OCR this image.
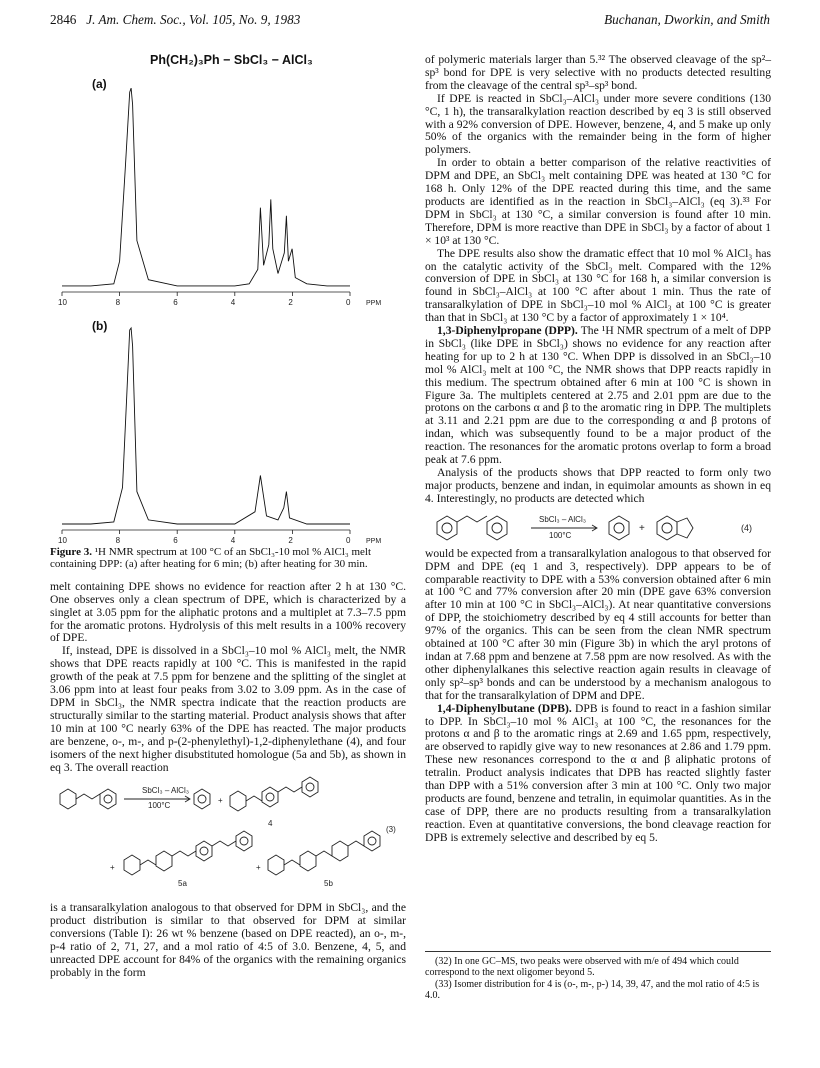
2846 J. Am. Chem. Soc., Vol. 105, No. 9, 1983	Buchanan, Dworkin, and Smith
Ph(CH₂)₃Ph − SbCl₃ − AlCl₃
(a)
(b)
10	8	6	4	2	0 PPM
10	8	6	4	2	0 PPM
Figure 3. ¹H NMR spectrum at 100 °C of an SbCl₃-10 mol % AlCl₃ melt containing DPP: (a) after heating for 6 min; (b) after heating for 30 min.

melt containing DPE shows no evidence for reaction after 2 h at 130 °C. One observes only a clean spectrum of DPE, which is characterized by a singlet at 3.05 ppm for the aliphatic protons and a multiplet at 7.3–7.5 ppm for the aromatic protons. Hydrolysis of this melt results in a 100% recovery of DPE.

If, instead, DPE is dissolved in a SbCl₃–10 mol % AlCl₃ melt, the NMR shows that DPE reacts rapidly at 100 °C. This is manifested in the rapid growth of the peak at 7.5 ppm for benzene and the splitting of the singlet at 3.06 ppm into at least four peaks from 3.02 to 3.09 ppm. As in the case of DPM in SbCl₃, the NMR spectra indicate that the reaction products are structurally similar to the starting material. Product analysis shows that after 10 min at 100 °C nearly 63% of the DPE has reacted. The major products are benzene, o-, m-, and p-(2-phenylethyl)-1,2-diphenylethane (4), and four isomers of the next higher disubstituted homologue (5a and 5b), as shown in eq 3. The overall reaction

SbCl₃ – AlCl₃
100°C
+
+	+
4
5a	5b
(3)

is a transaralkylation analogous to that observed for DPM in SbCl₃, and the product distribution is similar to that observed for DPM at similar conversions (Table I): 26 wt % benzene (based on DPE reacted), an o-, m-, p-4 ratio of 2, 71, 27, and a mol ratio of 4:5 of 3.0. Benzene, 4, 5, and unreacted DPE account for 84% of the organics with the remaining organics probably in the form

of polymeric materials larger than 5.³² The observed cleavage of the sp²–sp³ bond for DPE is very selective with no products detected resulting from the cleavage of the central sp³–sp³ bond.

If DPE is reacted in SbCl₃–AlCl₃ under more severe conditions (130 °C, 1 h), the transaralkylation reaction described by eq 3 is still observed with a 92% conversion of DPE. However, benzene, 4, and 5 make up only 50% of the organics with the remainder being in the form of higher polymers.

In order to obtain a better comparison of the relative reactivities of DPM and DPE, an SbCl₃ melt containing DPE was heated at 130 °C for 168 h. Only 12% of the DPE reacted during this time, and the same products are identified as in the reaction in SbCl₃–AlCl₃ (eq 3).³³ For DPM in SbCl₃ at 130 °C, a similar conversion is found after 10 min. Therefore, DPM is more reactive than DPE in SbCl₃ by a factor of about 1 × 10³ at 130 °C.

The DPE results also show the dramatic effect that 10 mol % AlCl₃ has on the catalytic activity of the SbCl₃ melt. Compared with the 12% conversion of DPE in SbCl₃ at 130 °C for 168 h, a similar conversion is found in SbCl₃–AlCl₃ at 100 °C after about 1 min. Thus the rate of transaralkylation of DPE in SbCl₃–10 mol % AlCl₃ at 100 °C is greater than that in SbCl₃ at 130 °C by a factor of approximately 1 × 10⁴.

1,3-Diphenylpropane (DPP). The ¹H NMR spectrum of a melt of DPP in SbCl₃ (like DPE in SbCl₃) shows no evidence for any reaction after heating for up to 2 h at 130 °C. When DPP is dissolved in an SbCl₃–10 mol % AlCl₃ melt at 100 °C, the NMR shows that DPP reacts rapidly in this medium. The spectrum obtained after 6 min at 100 °C is shown in Figure 3a. The multiplets centered at 2.75 and 2.01 ppm are due to the protons on the carbons α and β to the aromatic ring in DPP. The multiplets at 3.11 and 2.21 ppm are due to the corresponding α and β protons of indan, which was subsequently found to be a major product of the reaction. The resonances for the aromatic protons overlap to form a broad peak at 7.6 ppm.

Analysis of the products shows that DPP reacted to form only two major products, benzene and indan, in equimolar amounts as shown in eq 4. Interestingly, no products are detected which

SbCl₃ – AlCl₃
100°C
+	(4)

would be expected from a transaralkylation analogous to that observed for DPM and DPE (eq 1 and 3, respectively). DPP appears to be of comparable reactivity to DPE with a 53% conversion obtained after 6 min at 100 °C and 77% conversion after 20 min (DPE gave 63% conversion after 10 min at 100 °C in SbCl₃–AlCl₃). At near quantitative conversions of DPP, the stoichiometry described by eq 4 still accounts for better than 97% of the organics. This can be seen from the clean NMR spectrum obtained at 100 °C after 30 min (Figure 3b) in which the aryl protons of indan at 7.68 ppm and benzene at 7.58 ppm are now resolved. As with the other diphenylalkanes this selective reaction again results in cleavage of only sp²–sp³ bonds and can be understood by a mechanism analogous to that for the transaralkylation of DPM and DPE.

1,4-Diphenylbutane (DPB). DPB is found to react in a fashion similar to DPP. In SbCl₃–10 mol % AlCl₃ at 100 °C, the resonances for the protons α and β to the aromatic rings at 2.69 and 1.65 ppm, respectively, are observed to rapidly give way to new resonances at 2.86 and 1.79 ppm. These new resonances correspond to the α and β aliphatic protons of tetralin. Product analysis indicates that DPB has reacted slightly faster than DPP with a 51% conversion after 3 min at 100 °C. Only two major products are found, benzene and tetralin, in equimolar quantities. As in the case of DPP, there are no products resulting from a transaralkylation reaction. Even at quantitative conversions, the bond cleavage reaction for DPB is extremely selective and described by eq 5.

(32) In one GC–MS, two peaks were observed with m/e of 494 which could correspond to the next oligomer beyond 5.

(33) Isomer distribution for 4 is (o-, m-, p-) 14, 39, 47, and the mol ratio of 4:5 is 4.0.
